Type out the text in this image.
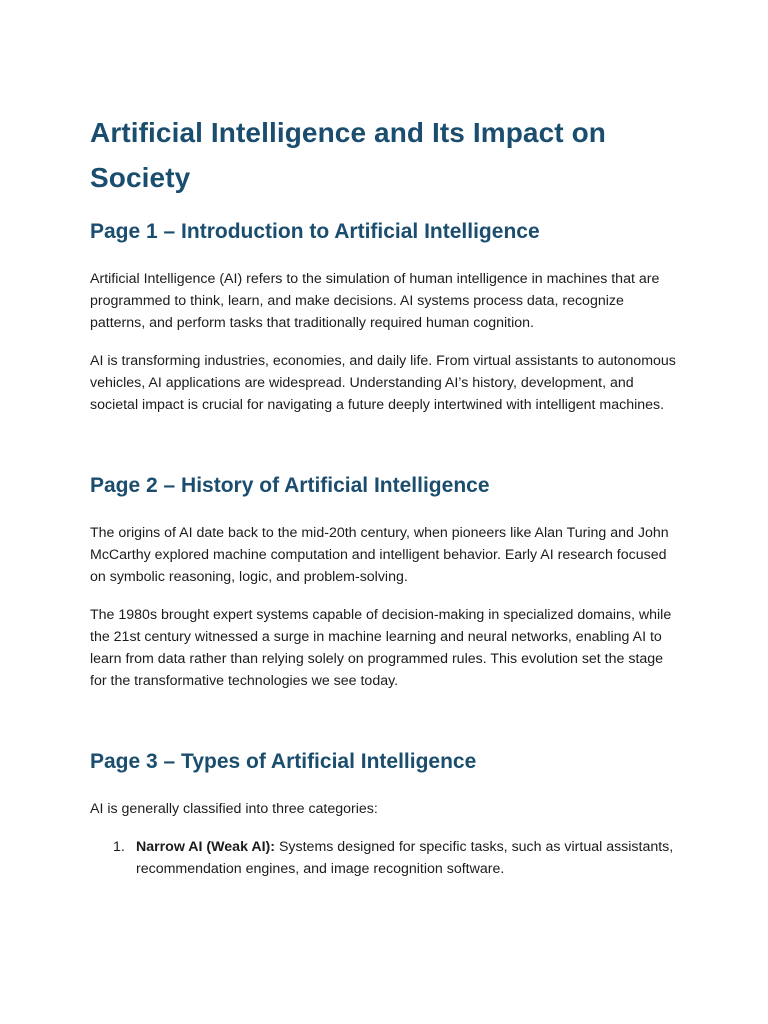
Artificial Intelligence and Its Impact on Society
Page 1 – Introduction to Artificial Intelligence

Artificial Intelligence (AI) refers to the simulation of human intelligence in machines that are programmed to think, learn, and make decisions. AI systems process data, recognize patterns, and perform tasks that traditionally required human cognition.

AI is transforming industries, economies, and daily life. From virtual assistants to autonomous vehicles, AI applications are widespread. Understanding AI’s history, development, and societal impact is crucial for navigating a future deeply intertwined with intelligent machines.

Page 2 – History of Artificial Intelligence

The origins of AI date back to the mid-20th century, when pioneers like Alan Turing and John McCarthy explored machine computation and intelligent behavior. Early AI research focused on symbolic reasoning, logic, and problem-solving.

The 1980s brought expert systems capable of decision-making in specialized domains, while the 21st century witnessed a surge in machine learning and neural networks, enabling AI to learn from data rather than relying solely on programmed rules. This evolution set the stage for the transformative technologies we see today.

Page 3 – Types of Artificial Intelligence

AI is generally classified into three categories:

1. Narrow AI (Weak AI): Systems designed for specific tasks, such as virtual assistants, recommendation engines, and image recognition software.
